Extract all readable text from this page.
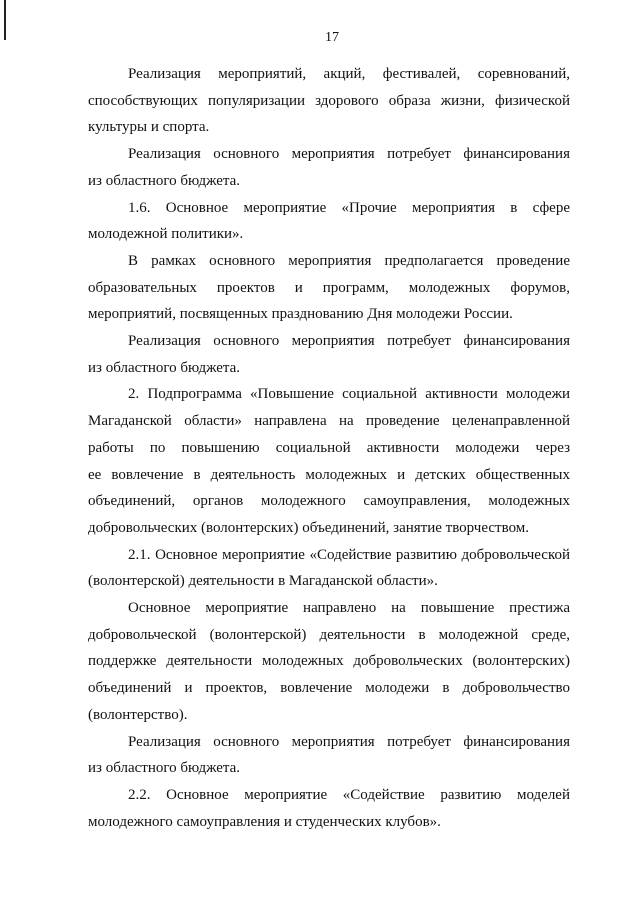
17

Реализация мероприятий, акций, фестивалей, соревнований,
способствующих популяризации здорового образа жизни, физической
культуры и спорта.

Реализация основного мероприятия потребует финансирования
из областного бюджета.

1.6. Основное мероприятие «Прочие мероприятия в сфере
молодежной политики».

В рамках основного мероприятия предполагается проведение
образовательных проектов и программ, молодежных форумов,
мероприятий, посвященных празднованию Дня молодежи России.

Реализация основного мероприятия потребует финансирования
из областного бюджета.

2. Подпрограмма «Повышение социальной активности молодежи
Магаданской области» направлена на проведение целенаправленной
работы по повышению социальной активности молодежи через
ее вовлечение в деятельность молодежных и детских общественных
объединений, органов молодежного самоуправления, молодежных
добровольческих (волонтерских) объединений, занятие творчеством.

2.1. Основное мероприятие «Содействие развитию добровольческой
(волонтерской) деятельности в Магаданской области».

Основное мероприятие направлено на повышение престижа
добровольческой (волонтерской) деятельности в молодежной среде,
поддержке деятельности молодежных добровольческих (волонтерских)
объединений и проектов, вовлечение молодежи в добровольчество
(волонтерство).

Реализация основного мероприятия потребует финансирования
из областного бюджета.

2.2. Основное мероприятие «Содействие развитию моделей
молодежного самоуправления и студенческих клубов».
